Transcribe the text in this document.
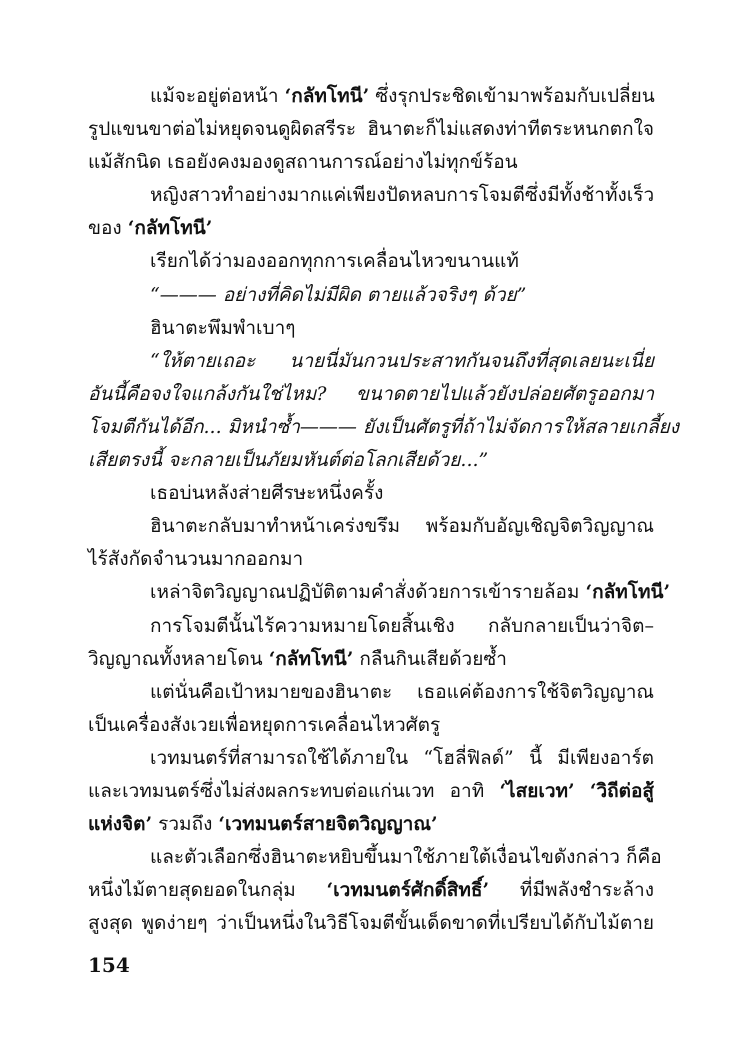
แม้จะอยู่ต่อหน้า ‘กลัทโทนี’ ซึ่งรุกประชิดเข้ามาพร้อมกับเปลี่ยน
รูปแขนขาต่อไม่หยุดจนดูผิดสรีระ ฮินาตะก็ไม่แสดงท่าทีตระหนกตกใจ
แม้สักนิด เธอยังคงมองดูสถานการณ์อย่างไม่ทุกข์ร้อน
หญิงสาวทำอย่างมากแค่เพียงปัดหลบการโจมตีซึ่งมีทั้งช้าทั้งเร็ว
ของ ‘กลัทโทนี’
เรียกได้ว่ามองออกทุกการเคลื่อนไหวขนานแท้
“——— อย่างที่คิดไม่มีผิด ตายแล้วจริงๆ ด้วย”
ฮินาตะพึมพำเบาๆ
“ให้ตายเถอะ นายนี่มันกวนประสาทกันจนถึงที่สุดเลยนะเนี่ย
อันนี้คือจงใจแกล้งกันใช่ไหม? ขนาดตายไปแล้วยังปล่อยศัตรูออกมา
โจมตีกันได้อีก... มิหนำซ้ำ——— ยังเป็นศัตรูที่ถ้าไม่จัดการให้สลายเกลี้ยง
เสียตรงนี้ จะกลายเป็นภัยมหันต์ต่อโลกเสียด้วย...”
เธอบ่นหลังส่ายศีรษะหนึ่งครั้ง
ฮินาตะกลับมาทำหน้าเคร่งขรึม พร้อมกับอัญเชิญจิตวิญญาณ
ไร้สังกัดจำนวนมากออกมา
เหล่าจิตวิญญาณปฏิบัติตามคำสั่งด้วยการเข้ารายล้อม ‘กลัทโทนี’
การโจมตีนั้นไร้ความหมายโดยสิ้นเชิง กลับกลายเป็นว่าจิต–
วิญญาณทั้งหลายโดน ‘กลัทโทนี’ กลืนกินเสียด้วยซ้ำ
แต่นั่นคือเป้าหมายของฮินาตะ เธอแค่ต้องการใช้จิตวิญญาณ
เป็นเครื่องสังเวยเพื่อหยุดการเคลื่อนไหวศัตรู
เวทมนตร์ที่สามารถใช้ได้ภายใน “โฮลี่ฟิลด์” นี้ มีเพียงอาร์ต
และเวทมนตร์ซึ่งไม่ส่งผลกระทบต่อแก่นเวท อาทิ ‘ไสยเวท’ ‘วิถีต่อสู้
แห่งจิต’ รวมถึง ‘เวทมนตร์สายจิตวิญญาณ’
และตัวเลือกซึ่งฮินาตะหยิบขึ้นมาใช้ภายใต้เงื่อนไขดังกล่าว ก็คือ
หนึ่งไม้ตายสุดยอดในกลุ่ม ‘เวทมนตร์ศักดิ์สิทธิ์’ ที่มีพลังชำระล้าง
สูงสุด พูดง่ายๆ ว่าเป็นหนึ่งในวิธีโจมตีขั้นเด็ดขาดที่เปรียบได้กับไม้ตาย
154
